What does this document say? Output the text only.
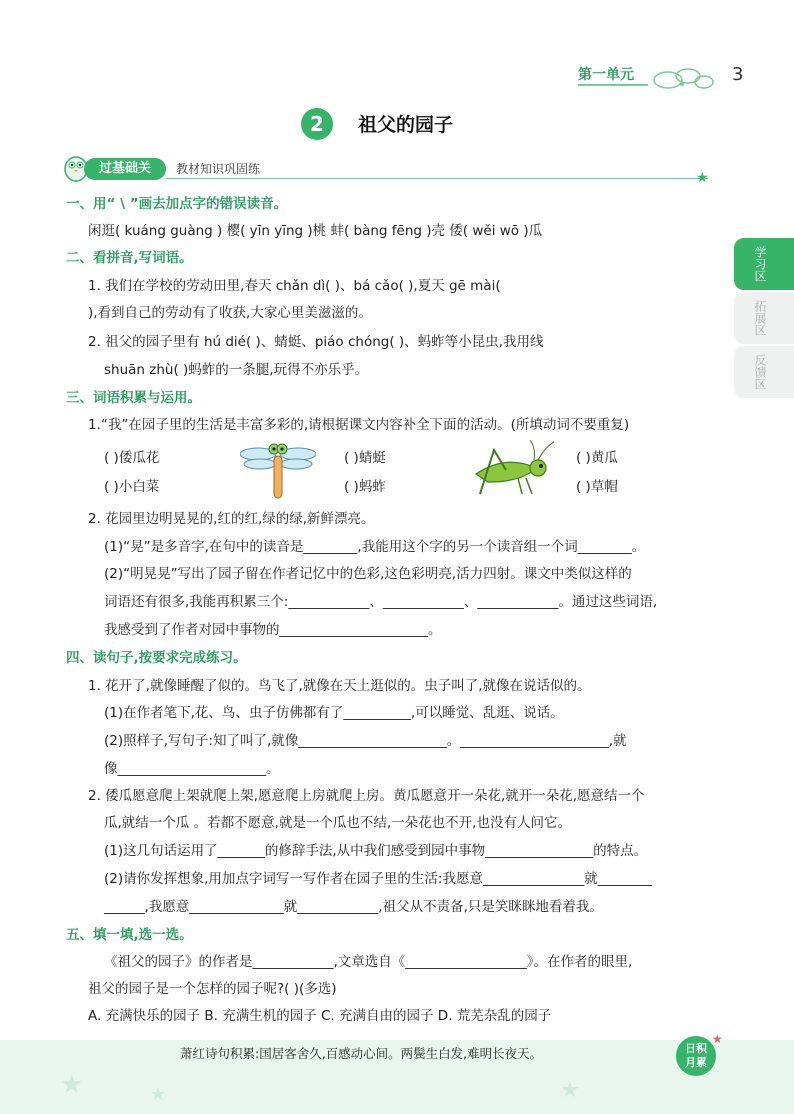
第一单元	3
2	祖父的园子
过基础关	教材知识巩固练
★
学习区
拓展区
反馈区
一、用“ \ ”画去加点字的错误读音。
闲逛( kuáng guàng ) 樱( yīn yīng )桃 蚌( bàng fēng )壳 倭( wěi wō )瓜
二、看拼音,写词语。
1. 我们在学校的劳动田里,春天 chǎn dì( )、bá cǎo( ),夏天 gē mài(
),看到自己的劳动有了收获,大家心里美滋滋的。
2. 祖父的园子里有 hú dié( )、蜻蜓、piáo chóng( )、蚂蚱等小昆虫,我用线
shuān zhù( )蚂蚱的一条腿,玩得不亦乐乎。
三、词语积累与运用。
1.“我”在园子里的生活是丰富多彩的,请根据课文内容补全下面的活动。(所填动词不要重复)
( )倭瓜花	( )蜻蜓	( )黄瓜
( )小白菜	( )蚂蚱	( )草帽
2. 花园里边明晃晃的,红的红,绿的绿,新鲜漂亮。
(1)“晃”是多音字,在句中的读音是________,我能用这个字的另一个读音组一个词________。
(2)“明晃晃”写出了园子留在作者记忆中的色彩,这色彩明亮,活力四射。课文中类似这样的
词语还有很多,我能再积累三个:____________、____________、____________。通过这些词语,
我感受到了作者对园中事物的______________________。
四、读句子,按要求完成练习。
1. 花开了,就像睡醒了似的。鸟飞了,就像在天上逛似的。虫子叫了,就像在说话似的。
(1)在作者笔下,花、鸟、虫子仿佛都有了__________,可以睡觉、乱逛、说话。
(2)照样子,写句子:知了叫了,就像______________________。______________________,就
像______________________。
2. 倭瓜愿意爬上架就爬上架,愿意爬上房就爬上房。黄瓜愿意开一朵花,就开一朵花,愿意结一个
瓜,就结一个瓜 。若都不愿意,就是一个瓜也不结,一朵花也不开,也没有人问它。
(1)这几句话运用了_______的修辞手法,从中我们感受到园中事物________________的特点。
(2)请你发挥想象,用加点字词写一写作者在园子里的生活:我愿意_______________就________
______,我愿意______________就____________,祖父从不责备,只是笑眯眯地看着我。
五、填一填,选一选。
《祖父的园子》的作者是____________,文章选自《__________________》。在作者的眼里,
祖父的园子是一个怎样的园子呢?( )(多选)
A. 充满快乐的园子 B. 充满生机的园子 C. 充满自由的园子 D. 荒芜杂乱的园子
★	★	★
萧红诗句积累:国居客舍久,百感动心间。两鬓生白发,难明长夜天。	日积
月累
★
